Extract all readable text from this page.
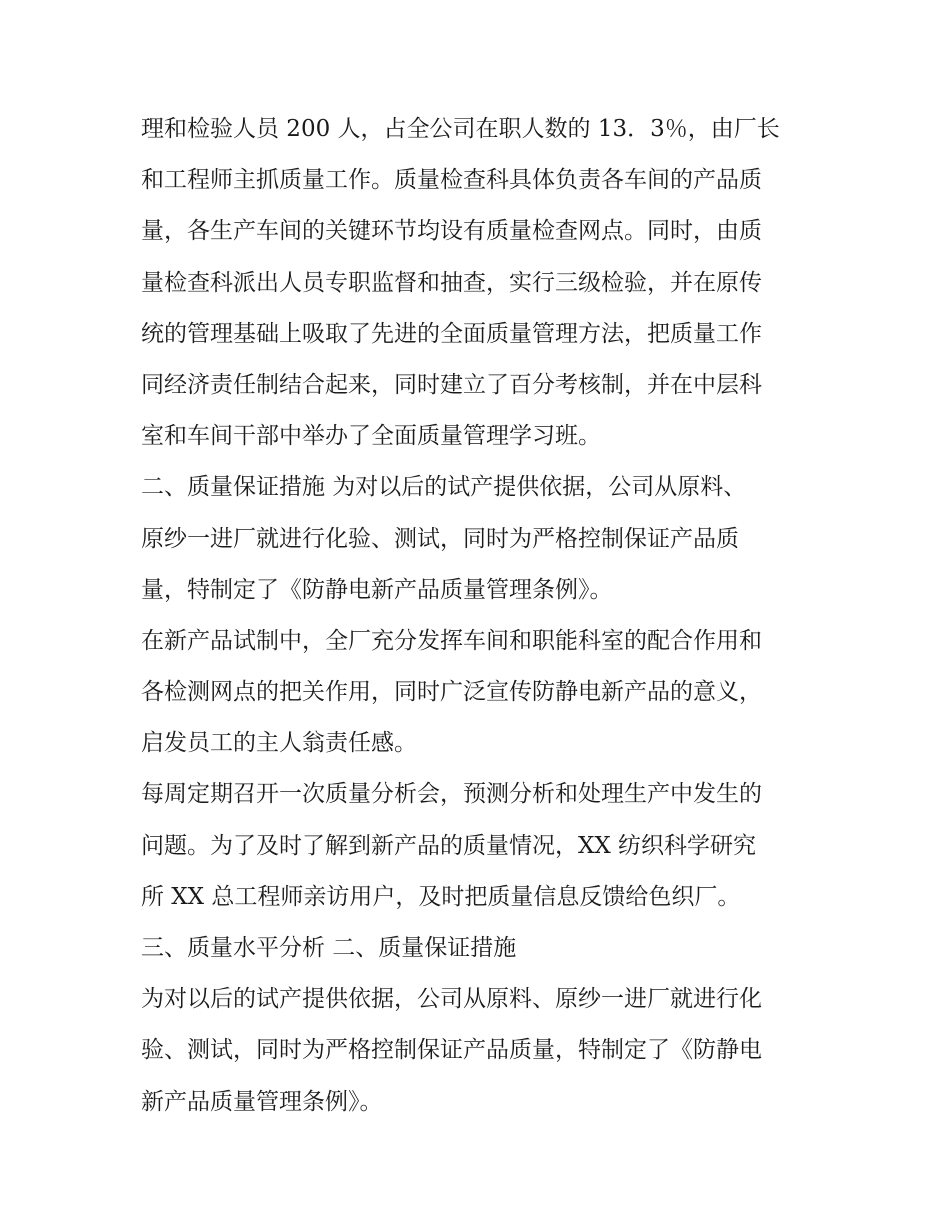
理和检验人员 200 人，占全公司在职人数的 13．3％，由厂长
和工程师主抓质量工作。质量检查科具体负责各车间的产品质
量，各生产车间的关键环节均设有质量检查网点。同时，由质
量检查科派出人员专职监督和抽查，实行三级检验，并在原传
统的管理基础上吸取了先进的全面质量管理方法，把质量工作
同经济责任制结合起来，同时建立了百分考核制，并在中层科
室和车间干部中举办了全面质量管理学习班。
二、质量保证措施 为对以后的试产提供依据，公司从原料、
原纱一进厂就进行化验、测试，同时为严格控制保证产品质
量，特制定了《防静电新产品质量管理条例》。
在新产品试制中，全厂充分发挥车间和职能科室的配合作用和
各检测网点的把关作用，同时广泛宣传防静电新产品的意义，
启发员工的主人翁责任感。
每周定期召开一次质量分析会，预测分析和处理生产中发生的
问题。为了及时了解到新产品的质量情况，XX 纺织科学研究
所 XX 总工程师亲访用户，及时把质量信息反馈给色织厂。
三、质量水平分析 二、质量保证措施
为对以后的试产提供依据，公司从原料、原纱一进厂就进行化
验、测试，同时为严格控制保证产品质量，特制定了《防静电
新产品质量管理条例》。
